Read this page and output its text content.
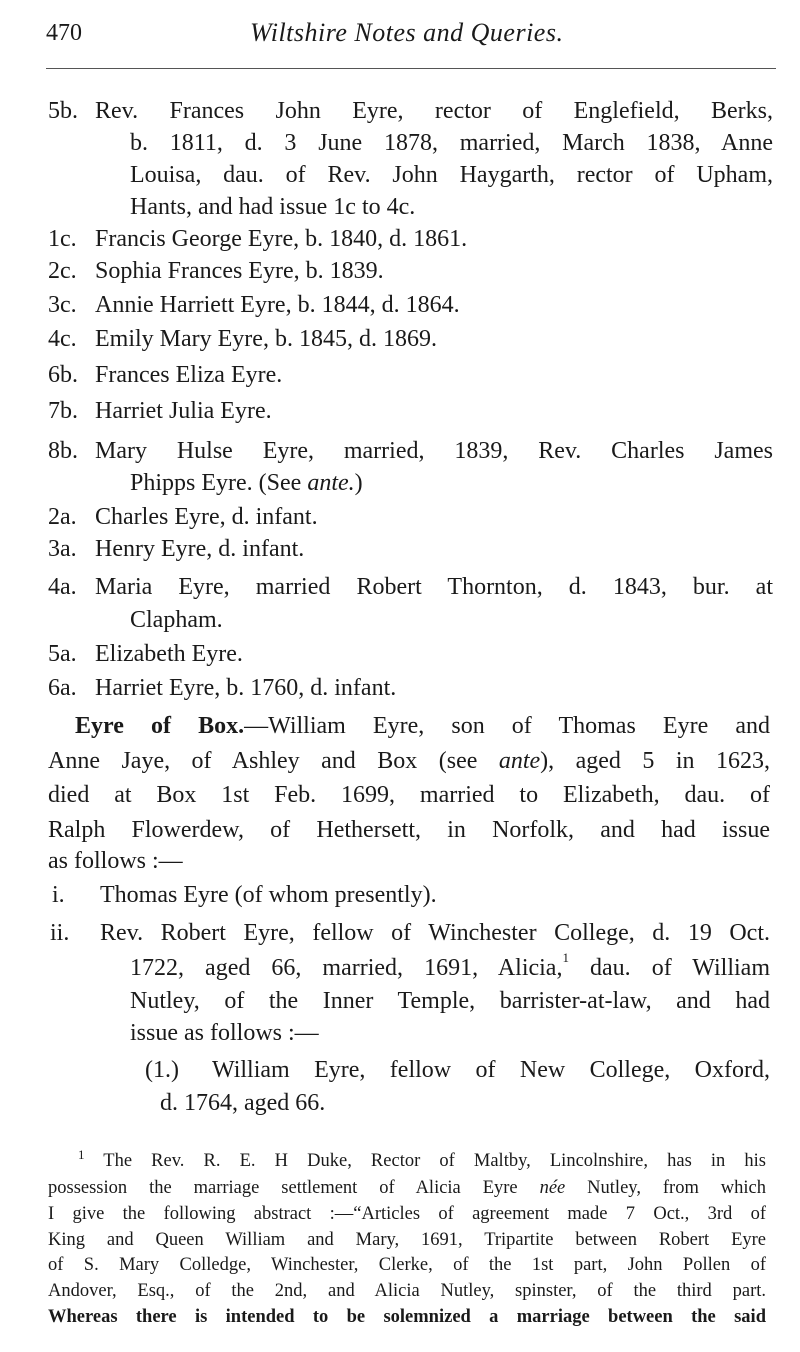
470	Wiltshire Notes and Queries.
5b. Rev. Frances John Eyre, rector of Englefield, Berks,
b. 1811, d. 3 June 1878, married, March 1838, Anne
Louisa, dau. of Rev. John Haygarth, rector of Upham,
Hants, and had issue 1c to 4c.
1c. Francis George Eyre, b. 1840, d. 1861.
2c. Sophia Frances Eyre, b. 1839.
3c. Annie Harriett Eyre, b. 1844, d. 1864.
4c. Emily Mary Eyre, b. 1845, d. 1869.
6b. Frances Eliza Eyre.
7b. Harriet Julia Eyre.
8b. Mary Hulse Eyre, married, 1839, Rev. Charles James
Phipps Eyre. (See ante.)
2a. Charles Eyre, d. infant.
3a. Henry Eyre, d. infant.
4a. Maria Eyre, married Robert Thornton, d. 1843, bur. at
Clapham.
5a. Elizabeth Eyre.
6a. Harriet Eyre, b. 1760, d. infant.
Eyre of Box.—William Eyre, son of Thomas Eyre and
Anne Jaye, of Ashley and Box (see ante), aged 5 in 1623,
died at Box 1st Feb. 1699, married to Elizabeth, dau. of
Ralph Flowerdew, of Hethersett, in Norfolk, and had issue
as follows :—
i. Thomas Eyre (of whom presently).
ii. Rev. Robert Eyre, fellow of Winchester College, d. 19 Oct.
1722, aged 66, married, 1691, Alicia,$^1$ dau. of William
Nutley, of the Inner Temple, barrister-at-law, and had
issue as follows :—
(1.) William Eyre, fellow of New College, Oxford,
d. 1764, aged 66.
$^1$ The Rev. R. E. H Duke, Rector of Maltby, Lincolnshire, has in his
possession the marriage settlement of Alicia Eyre née Nutley, from which
I give the following abstract :—“Articles of agreement made 7 Oct., 3rd of
King and Queen William and Mary, 1691, Tripartite between Robert Eyre
of S. Mary Colledge, Winchester, Clerke, of the 1st part, John Pollen of
Andover, Esq., of the 2nd, and Alicia Nutley, spinster, of the third part.
Whereas there is intended to be solemnized a marriage between the said
